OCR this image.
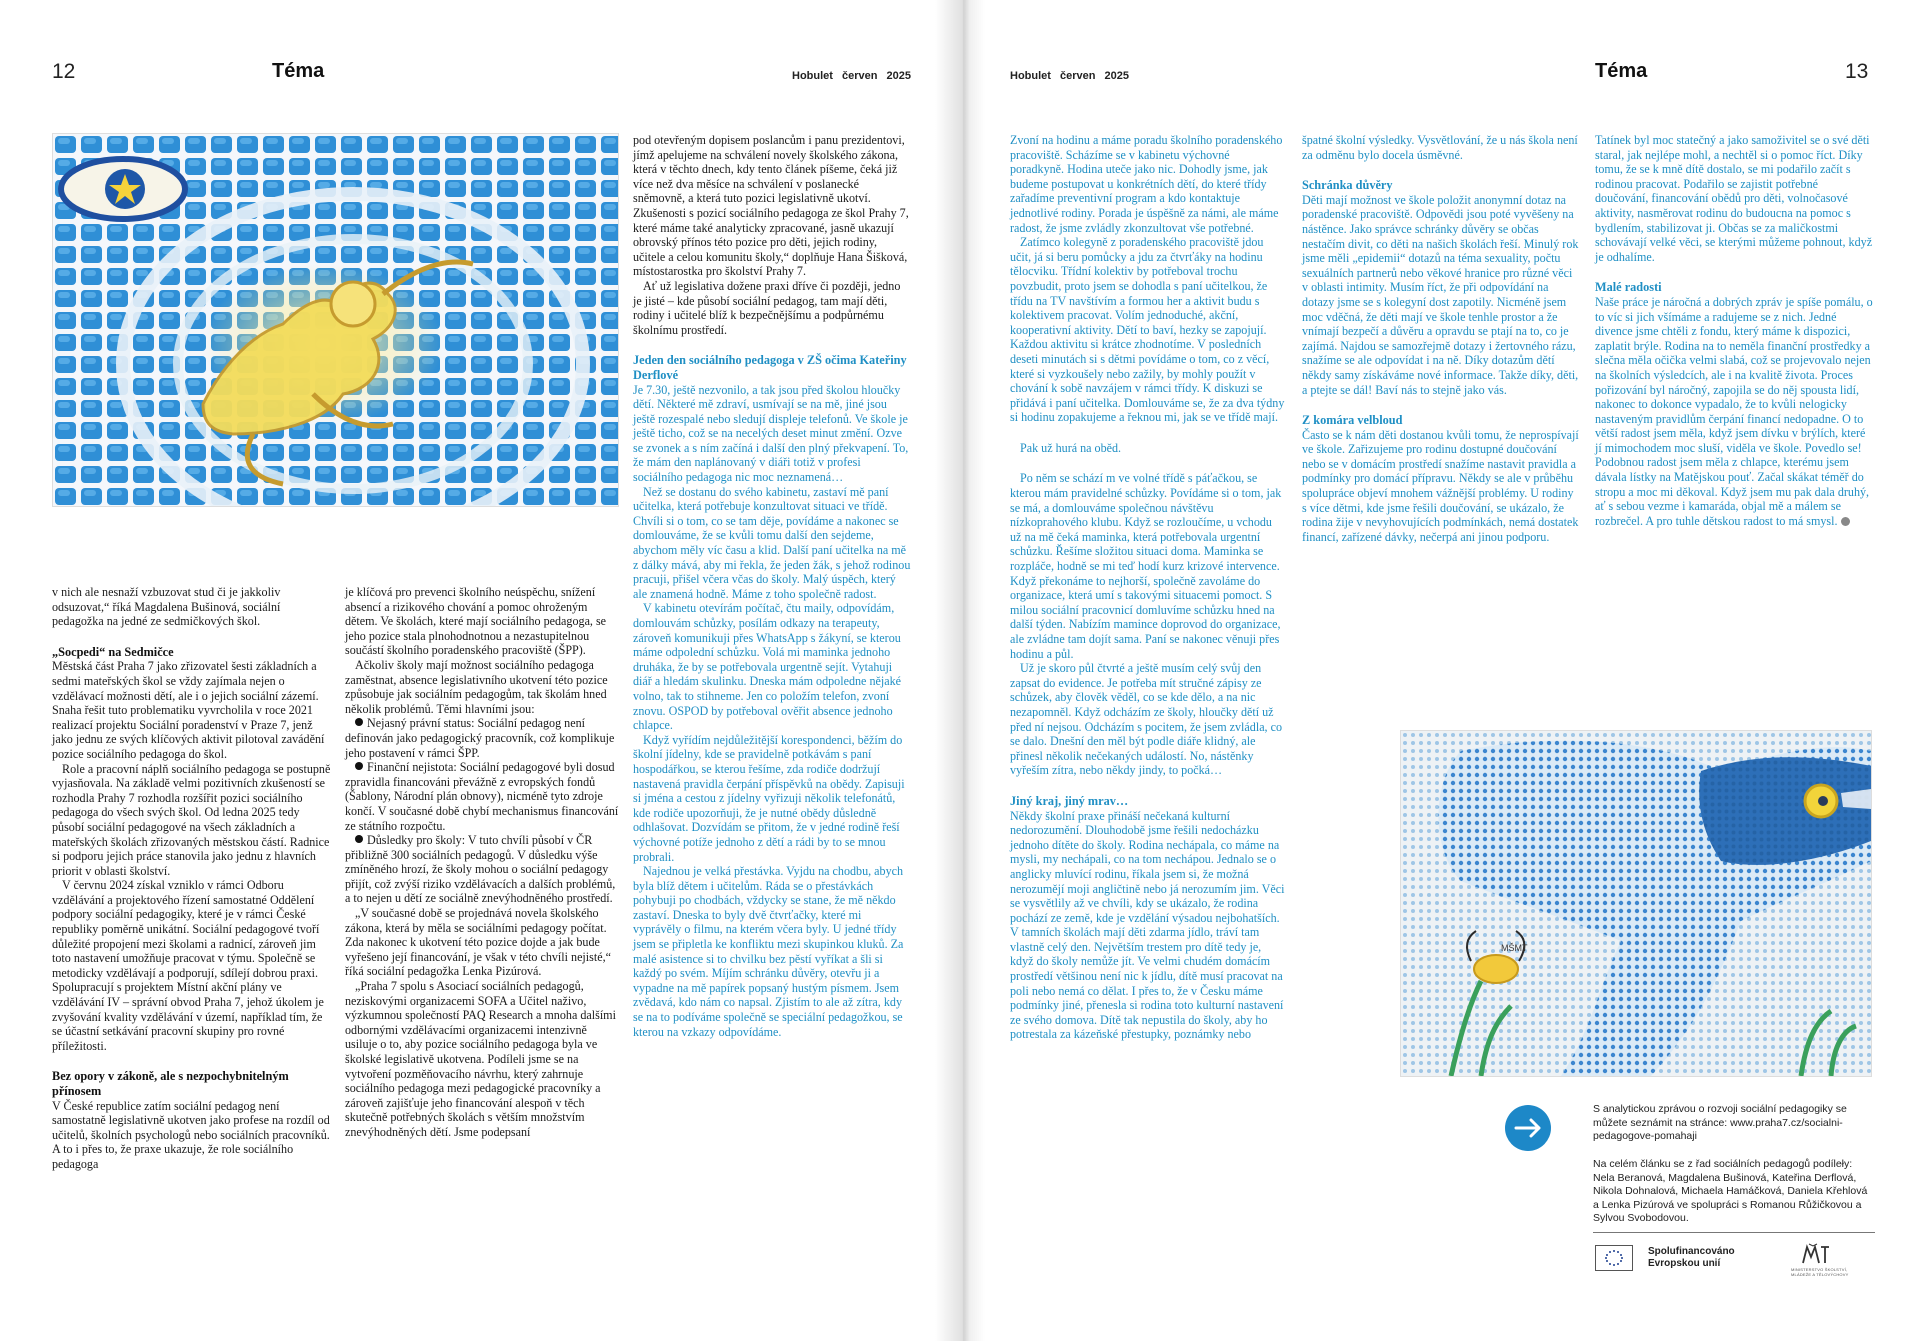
12	Téma	Hobulet červen 2025

v nich ale nesnaží vzbuzovat stud či je jakkoliv odsuzovat,“ říká Magdalena Bušinová, sociální pedagožka na jedné ze sedmičkových škol.

„Socpedi“ na Sedmičce

Městská část Praha 7 jako zřizovatel šesti základních a sedmi mateřských škol se vždy zajímala nejen o vzdělávací možnosti dětí, ale i o jejich sociální zázemí. Snaha řešit tuto problematiku vyvrcholila v roce 2021 realizací projektu Sociální poradenství v Praze 7, jenž jako jednu ze svých klíčových aktivit pilotoval zavádění pozice sociálního pedagoga do škol.

Role a pracovní náplň sociálního pedagoga se postupně vyjasňovala. Na základě velmi pozitivních zkušeností se rozhodla Prahy 7 rozhodla rozšířit pozici sociálního pedagoga do všech svých škol. Od ledna 2025 tedy působí sociální pedagogové na všech základních a mateřských školách zřizovaných městskou částí. Radnice si podporu jejich práce stanovila jako jednu z hlavních priorit v oblasti školství.

V červnu 2024 získal vzniklo v rámci Odboru vzdělávání a projektového řízení samostatné Oddělení podpory sociální pedagogiky, které je v rámci České republiky poměrně unikátní. Sociální pedagogové tvoří důležité propojení mezi školami a radnicí, zároveň jim toto nastavení umožňuje pracovat v týmu. Společně se metodicky vzdělávají a podporují, sdílejí dobrou praxi. Spolupracují s projektem Místní akční plány ve vzdělávání IV – správní obvod Praha 7, jehož úkolem je zvyšování kvality vzdělávání v území, například tím, že se účastní setkávání pracovní skupiny pro rovné příležitosti.

Bez opory v zákoně, ale s nezpochybnitelným přínosem

V České republice zatím sociální pedagog není samostatně legislativně ukotven jako profese na rozdíl od učitelů, školních psychologů nebo sociálních pracovníků. A to i přes to, že praxe ukazuje, že role sociálního pedagoga

je klíčová pro prevenci školního neúspěchu, snížení absencí a rizikového chování a pomoc ohroženým dětem. Ve školách, které mají sociálního pedagoga, se jeho pozice stala plnohodnotnou a nezastupitelnou součástí školního poradenského pracoviště (ŠPP).

Ačkoliv školy mají možnost sociálního pedagoga zaměstnat, absence legislativního ukotvení této pozice způsobuje jak sociálním pedagogům, tak školám hned několik problémů. Těmi hlavními jsou:

Nejasný právní status: Sociální pedagog není definován jako pedagogický pracovník, což komplikuje jeho postavení v rámci ŠPP.

Finanční nejistota: Sociální pedagogové byli dosud zpravidla financováni převážně z evropských fondů (Šablony, Národní plán obnovy), nicméně tyto zdroje končí. V současné době chybí mechanismus financování ze státního rozpočtu.

Důsledky pro školy: V tuto chvíli působí v ČR přibližně 300 sociálních pedagogů. V důsledku výše zmíněného hrozí, že školy mohou o sociální pedagogy přijít, což zvýší riziko vzdělávacích a dalších problémů, a to nejen u dětí ze sociálně znevýhodněného prostředí.

„V současné době se projednává novela školského zákona, která by měla se sociálními pedagogy počítat. Zda nakonec k ukotvení této pozice dojde a jak bude vyřešeno její financování, je však v této chvíli nejisté,“ říká sociální pedagožka Lenka Pizúrová.

„Praha 7 spolu s Asociací sociálních pedagogů, neziskovými organizacemi SOFA a Učitel naživo, výzkumnou společností PAQ Research a mnoha dalšími odbornými vzdělávacími organizacemi intenzivně usiluje o to, aby pozice sociálního pedagoga byla ve školské legislativě ukotvena. Podíleli jsme se na vytvoření pozměňovacího návrhu, který zahrnuje sociálního pedagoga mezi pedagogické pracovníky a zároveň zajišťuje jeho financování alespoň v těch skutečně potřebných školách s větším množstvím znevýhodněných dětí. Jsme podepsaní

pod otevřeným dopisem poslancům i panu prezidentovi, jímž apelujeme na schválení novely školského zákona, která v těchto dnech, kdy tento článek píšeme, čeká již více než dva měsíce na schválení v poslanecké sněmovně, a která tuto pozici legislativně ukotví. Zkušenosti s pozicí sociálního pedagoga ze škol Prahy 7, které máme také analyticky zpracované, jasně ukazují obrovský přínos této pozice pro děti, jejich rodiny, učitele a celou komunitu školy,“ doplňuje Hana Šišková, místostarostka pro školství Prahy 7.

Ať už legislativa dožene praxi dříve či později, jedno je jisté – kde působí sociální pedagog, tam mají děti, rodiny i učitelé blíž k bezpečnějšímu a podpůrnému školnímu prostředí.

Jeden den sociálního pedagoga v ZŠ očima Kateřiny Derflové

Je 7.30, ještě nezvonilo, a tak jsou před školou hloučky dětí. Některé mě zdraví, usmívají se na mě, jiné jsou ještě rozespalé nebo sledují displeje telefonů. Ve škole je ještě ticho, což se na necelých deset minut změní. Ozve se zvonek a s ním začíná i další den plný překvapení. To, že mám den naplánovaný v diáři totiž v profesi sociálního pedagoga nic moc neznamená…

Než se dostanu do svého kabinetu, zastaví mě paní učitelka, která potřebuje konzultovat situaci ve třídě. Chvíli si o tom, co se tam děje, povídáme a nakonec se domlouváme, že se kvůli tomu další den sejdeme, abychom měly víc času a klid. Další paní učitelka na mě z dálky mává, aby mi řekla, že jeden žák, s jehož rodinou pracuji, přišel včera včas do školy. Malý úspěch, který ale znamená hodně. Máme z toho společně radost.

V kabinetu otevírám počítač, čtu maily, odpovídám, domlouvám schůzky, posílám odkazy na terapeuty, zároveň komunikuji přes WhatsApp s žákyní, se kterou máme odpolední schůzku. Volá mi maminka jednoho druháka, že by se potřebovala urgentně sejít. Vytahuji diář a hledám skulinku. Dneska mám odpoledne nějaké volno, tak to stihneme. Jen co položím telefon, zvoní znovu. OSPOD by potřeboval ověřit absence jednoho chlapce.

Když vyřídím nejdůležitější korespondenci, běžím do školní jídelny, kde se pravidelně potkávám s paní hospodářkou, se kterou řešíme, zda rodiče dodržují nastavená pravidla čerpání příspěvků na obědy. Zapisuji si jména a cestou z jídelny vyřizuji několik telefonátů, kde rodiče upozorňuji, že je nutné obědy důsledně odhlašovat. Dozvídám se přitom, že v jedné rodině řeší výchovné potíže jednoho z dětí a rádi by to se mnou probrali.

Najednou je velká přestávka. Vyjdu na chodbu, abych byla blíž dětem i učitelům. Ráda se o přestávkách pohybuji po chodbách, vždycky se stane, že mě někdo zastaví. Dneska to byly dvě čtvrťačky, které mi vyprávěly o filmu, na kterém včera byly. U jedné třídy jsem se připletla ke konfliktu mezi skupinkou kluků. Za malé asistence si to chvilku bez pěstí vyříkat a šli si každý po svém. Míjím schránku důvěry, otevřu ji a vypadne na mě papírek popsaný hustým písmem. Jsem zvědavá, kdo nám co napsal. Zjistím to ale až zítra, kdy se na to podíváme společně se speciální pedagožkou, se kterou na vzkazy odpovídáme.

Hobulet červen 2025	Téma	13

Zvoní na hodinu a máme poradu školního poradenského pracoviště. Scházíme se v kabinetu výchovné poradkyně. Hodina uteče jako nic. Dohodly jsme, jak budeme postupovat u konkrétních dětí, do které třídy zařadíme preventivní program a kdo kontaktuje jednotlivé rodiny. Porada je úspěšně za námi, ale máme radost, že jsme zvládly zkonzultovat vše potřebné.

Zatímco kolegyně z poradenského pracoviště jdou učit, já si beru pomůcky a jdu za čtvrťáky na hodinu tělocviku. Třídní kolektiv by potřeboval trochu povzbudit, proto jsem se dohodla s paní učitelkou, že třídu na TV navštívím a formou her a aktivit budu s kolektivem pracovat. Volím jednoduché, akční, kooperativní aktivity. Dětí to baví, hezky se zapojují. Každou aktivitu si krátce zhodnotíme. V posledních deseti minutách si s dětmi povídáme o tom, co z věcí, které si vyzkoušely nebo zažily, by mohly použít v chování k sobě navzájem v rámci třídy. K diskuzi se přidává i paní učitelka. Domlouváme se, že za dva týdny si hodinu zopakujeme a řeknou mi, jak se ve třídě mají.

Pak už hurá na oběd.

Po něm se schází m ve volné třídě s páťačkou, se kterou mám pravidelné schůzky. Povídáme si o tom, jak se má, a domlouváme společnou návštěvu nízkoprahového klubu. Když se rozloučíme, u vchodu už na mě čeká maminka, která potřebovala urgentní schůzku. Řešíme složitou situaci doma. Maminka se rozpláče, hodně se mi teď hodí kurz krizové intervence. Když překonáme to nejhorší, společně zavoláme do organizace, která umí s takovými situacemi pomoct. S milou sociální pracovnicí domluvíme schůzku hned na další týden. Nabízím mamince doprovod do organizace, ale zvládne tam dojít sama. Paní se nakonec věnuji přes hodinu a půl.

Už je skoro půl čtvrté a ještě musím celý svůj den zapsat do evidence. Je potřeba mít stručné zápisy ze schůzek, aby člověk věděl, co se kde dělo, a na nic nezapomněl. Když odcházím ze školy, hloučky dětí už před ní nejsou. Odcházím s pocitem, že jsem zvládla, co se dalo. Dnešní den měl být podle diáře klidný, ale přinesl několik nečekaných událostí. No, nástěnky vyřeším zítra, nebo někdy jindy, to počká…

Jiný kraj, jiný mrav…

Někdy školní praxe přináší nečekaná kulturní nedorozumění. Dlouhodobě jsme řešili nedocházku jednoho dítěte do školy. Rodina nechápala, co máme na mysli, my nechápali, co na tom nechápou. Jednalo se o anglicky mluvící rodinu, říkala jsem si, že možná nerozumějí moji angličtině nebo já nerozumím jim. Věci se vysvětlily až ve chvíli, kdy se ukázalo, že rodina pochází ze země, kde je vzdělání výsadou nejbohatších. V tamních školách mají děti zdarma jídlo, tráví tam vlastně celý den. Největším trestem pro dítě tedy je, když do školy nemůže jít. Ve velmi chudém domácím prostředí většinou není nic k jídlu, dítě musí pracovat na poli nebo nemá co dělat. I přes to, že v Česku máme podmínky jiné, přenesla si rodina toto kulturní nastavení ze svého domova. Dítě tak nepustila do školy, aby ho potrestala za kázeňské přestupky, poznámky nebo

špatné školní výsledky. Vysvětlování, že u nás škola není za odměnu bylo docela úsměvné.

Schránka důvěry

Děti mají možnost ve škole položit anonymní dotaz na poradenské pracoviště. Odpovědi jsou poté vyvěšeny na nástěnce. Jako správce schránky důvěry se občas nestačím divit, co děti na našich školách řeší. Minulý rok jsme měli „epidemii“ dotazů na téma sexuality, počtu sexuálních partnerů nebo věkové hranice pro různé věci v oblasti intimity. Musím říct, že při odpovídání na dotazy jsme se s kolegyní dost zapotily. Nicméně jsem moc vděčná, že děti mají ve škole tenhle prostor a že vnímají bezpečí a důvěru a opravdu se ptají na to, co je zajímá. Najdou se samozřejmě dotazy i žertovného rázu, snažíme se ale odpovídat i na ně. Díky dotazům dětí někdy samy získáváme nové informace. Takže díky, děti, a ptejte se dál! Baví nás to stejně jako vás.

Z komára velbloud

Často se k nám děti dostanou kvůli tomu, že neprospívají ve škole. Zařizujeme pro rodinu dostupné doučování nebo se v domácím prostředí snažíme nastavit pravidla a podmínky pro domácí přípravu. Někdy se ale v průběhu spolupráce objeví mnohem vážnější problémy. U rodiny s více dětmi, kde jsme řešili doučování, se ukázalo, že rodina žije v nevyhovujících podmínkách, nemá dostatek financí, zařízené dávky, nečerpá ani jinou podporu.

Tatínek byl moc statečný a jako samoživitel se o své děti staral, jak nejlépe mohl, a nechtěl si o pomoc říct. Díky tomu, že se k mně dítě dostalo, se mi podařilo začít s rodinou pracovat. Podařilo se zajistit potřebné doučování, financování obědů pro děti, volnočasové aktivity, nasměrovat rodinu do budoucna na pomoc s bydlením, stabilizovat ji. Občas se za maličkostmi schovávají velké věci, se kterými můžeme pohnout, když je odhalíme.

Malé radosti

Naše práce je náročná a dobrých zpráv je spíše pomálu, o to víc si jich všímáme a radujeme se z nich. Jedné divence jsme chtěli z fondu, který máme k dispozici, zaplatit brýle. Rodina na to neměla finanční prostředky a slečna měla očička velmi slabá, což se projevovalo nejen na školních výsledcích, ale i na kvalitě života. Proces pořizování byl náročný, zapojila se do něj spousta lidí, nakonec to dokonce vypadalo, že to kvůli nelogicky nastaveným pravidlům čerpání financí nedopadne. O to větší radost jsem měla, když jsem dívku v brýlích, které jí mimochodem moc sluší, viděla ve škole. Povedlo se! Podobnou radost jsem měla z chlapce, kterému jsem dávala lístky na Matějskou pouť. Začal skákat téměř do stropu a moc mi děkoval. Když jsem mu pak dala druhý, ať s sebou vezme i kamaráda, objal mě a málem se rozbrečel. A pro tuhle dětskou radost to má smysl.

S analytickou zprávou o rozvoji sociální pedagogiky se můžete seznámit na stránce: www.praha7.cz/socialni-pedagogove-pomahaji
Na celém článku se z řad sociálních pedagogů podíleły: Nela Beranová, Magdalena Bušinová, Kateřina Derflová, Nikola Dohnalová, Michaela Hamáčková, Daniela Křehlová a Lenka Pizúrová ve spolupráci s Romanou Růžičkovou a Sylvou Svobodovou.
Spolufinancováno
Evropskou unií
MŠMT
MINISTERSTVO ŠKOLSTVÍ, MLÁDEŽE A TĚLOVÝCHOVY
